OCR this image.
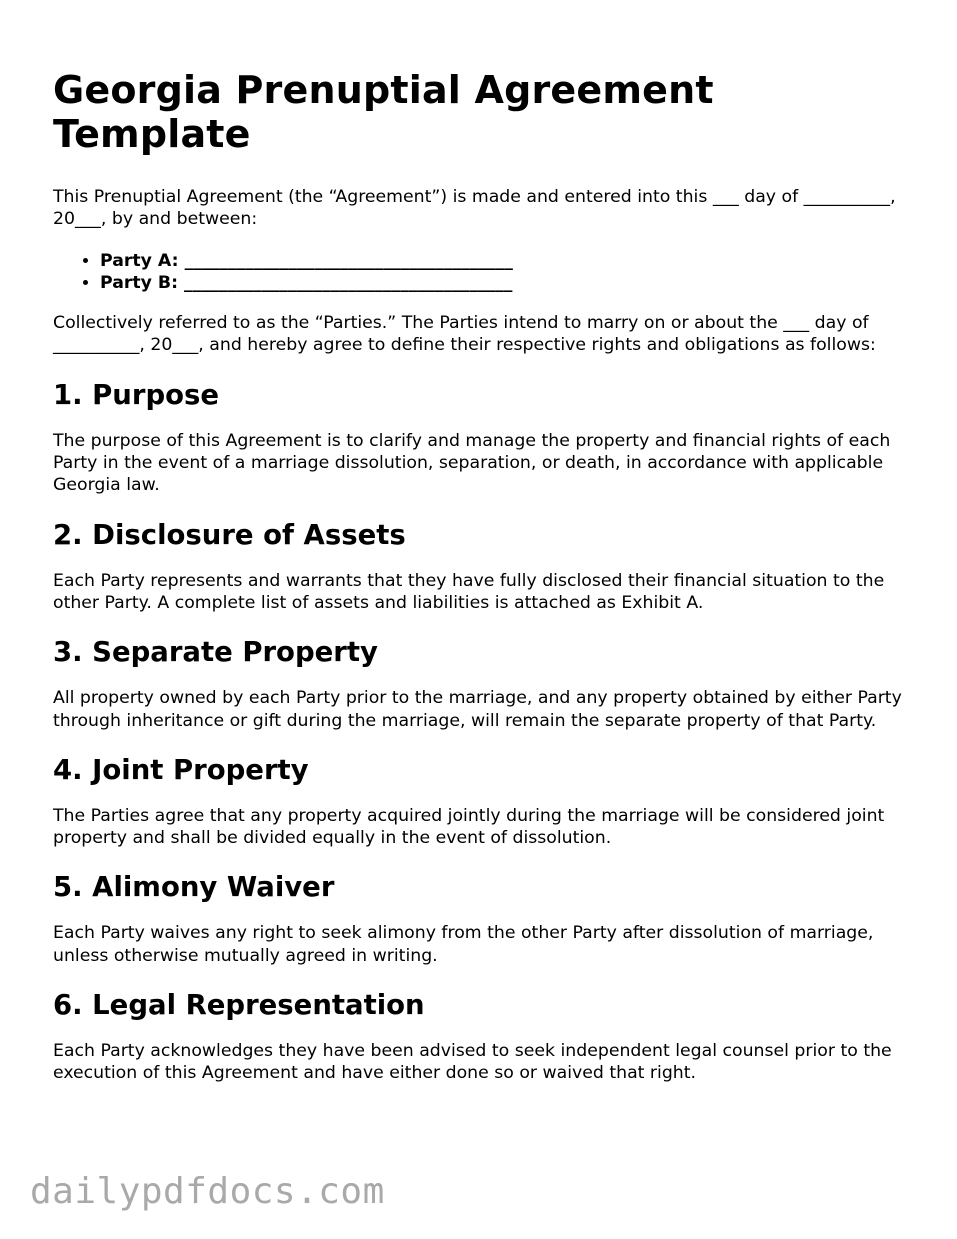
Georgia Prenuptial Agreement Template

This Prenuptial Agreement (the “Agreement”) is made and entered into this ___ day of __________, 20___, by and between:

• Party A: ______________________________________
• Party B: ______________________________________

Collectively referred to as the “Parties.” The Parties intend to marry on or about the ___ day of __________, 20___, and hereby agree to define their respective rights and obligations as follows:

1. Purpose

The purpose of this Agreement is to clarify and manage the property and financial rights of each Party in the event of a marriage dissolution, separation, or death, in accordance with applicable Georgia law.

2. Disclosure of Assets

Each Party represents and warrants that they have fully disclosed their financial situation to the other Party. A complete list of assets and liabilities is attached as Exhibit A.

3. Separate Property

All property owned by each Party prior to the marriage, and any property obtained by either Party through inheritance or gift during the marriage, will remain the separate property of that Party.

4. Joint Property

The Parties agree that any property acquired jointly during the marriage will be considered joint property and shall be divided equally in the event of dissolution.

5. Alimony Waiver

Each Party waives any right to seek alimony from the other Party after dissolution of marriage, unless otherwise mutually agreed in writing.

6. Legal Representation

Each Party acknowledges they have been advised to seek independent legal counsel prior to the execution of this Agreement and have either done so or waived that right.

dailypdfdocs.com
